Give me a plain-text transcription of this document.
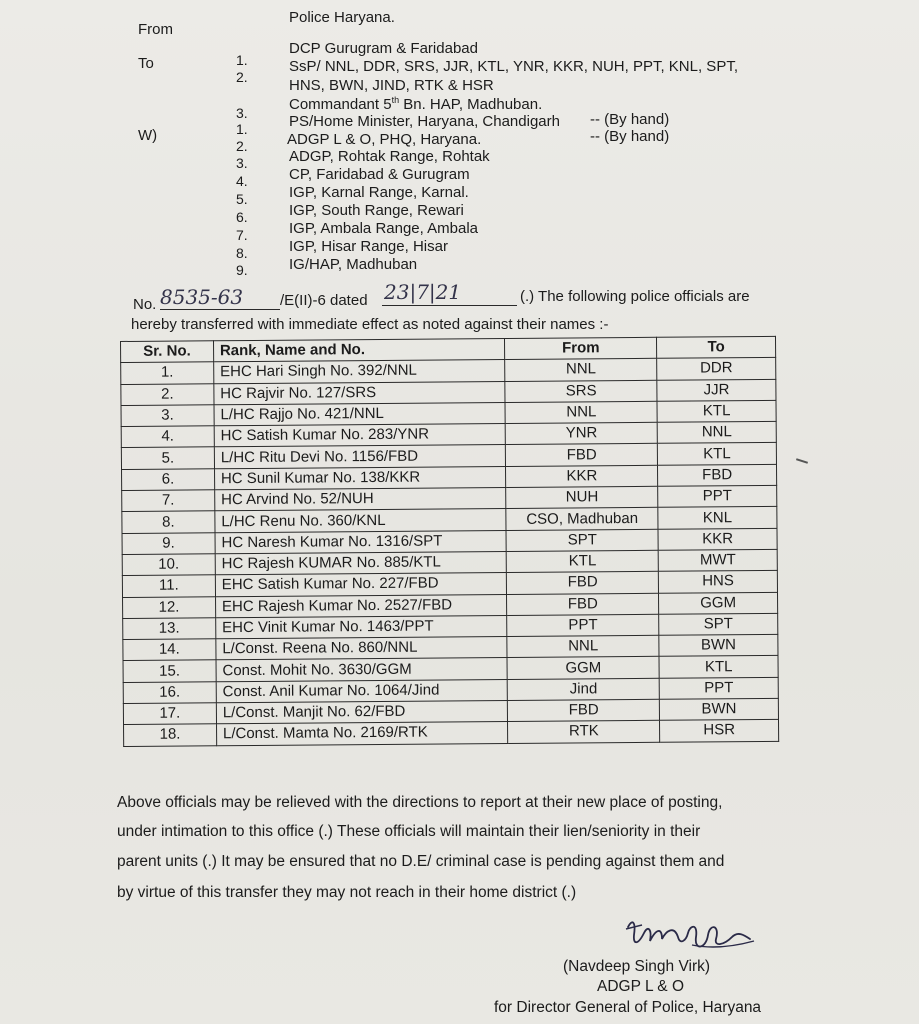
From
Police Haryana.
To	1.
DCP Gurugram & Faridabad
2.
SsP/ NNL, DDR, SRS, JJR, KTL, YNR, KKR, NUH, PPT, KNL, SPT,
HNS, BWN, JIND, RTK & HSR
3.	Commandant 5th Bn. HAP, Madhuban.
W)	1.	PS/Home Minister, Haryana, Chandigarh -- (By hand)
2.	ADGP L & O, PHQ, Haryana.	-- (By hand)
3.	ADGP, Rohtak Range, Rohtak
4.	CP, Faridabad & Gurugram
5.	IGP, Karnal Range, Karnal.
6.	IGP, South Range, Rewari
7.	IGP, Ambala Range, Ambala
8.	IGP, Hisar Range, Hisar
9.	IG/HAP, Madhuban
No. 8535-63 /E(II)-6 dated 23|7|21	(.) The following police officials are
hereby transferred with immediate effect as noted against their names :-
Sr. No.	Rank, Name and No.	From	To
1.	EHC Hari Singh No. 392/NNL	NNL	DDR
2.	HC Rajvir No. 127/SRS	SRS	JJR
3.	L/HC Rajjo No. 421/NNL	NNL	KTL
4.	HC Satish Kumar No. 283/YNR	YNR	NNL
5.	L/HC Ritu Devi No. 1156/FBD	FBD	KTL
6.	HC Sunil Kumar No. 138/KKR	KKR	FBD
7.	HC Arvind No. 52/NUH	NUH	PPT
8.	L/HC Renu No. 360/KNL	CSO, Madhuban	KNL
9.	HC Naresh Kumar No. 1316/SPT	SPT	KKR
10.	HC Rajesh KUMAR No. 885/KTL	KTL	MWT
11.	EHC Satish Kumar No. 227/FBD	FBD	HNS
12.	EHC Rajesh Kumar No. 2527/FBD	FBD	GGM
13.	EHC Vinit Kumar No. 1463/PPT	PPT	SPT
14.	L/Const. Reena No. 860/NNL	NNL	BWN
15.	Const. Mohit No. 3630/GGM	GGM	KTL
16.	Const. Anil Kumar No. 1064/Jind	Jind	PPT
17.	L/Const. Manjit No. 62/FBD	FBD	BWN
18.	L/Const. Mamta No. 2169/RTK	RTK	HSR
Above officials may be relieved with the directions to report at their new place of posting,
under intimation to this office (.) These officials will maintain their lien/seniority in their
parent units (.) It may be ensured that no D.E/ criminal case is pending against them and
by virtue of this transfer they may not reach in their home district (.)
(Navdeep Singh Virk)
ADGP L & O
for Director General of Police, Haryana
